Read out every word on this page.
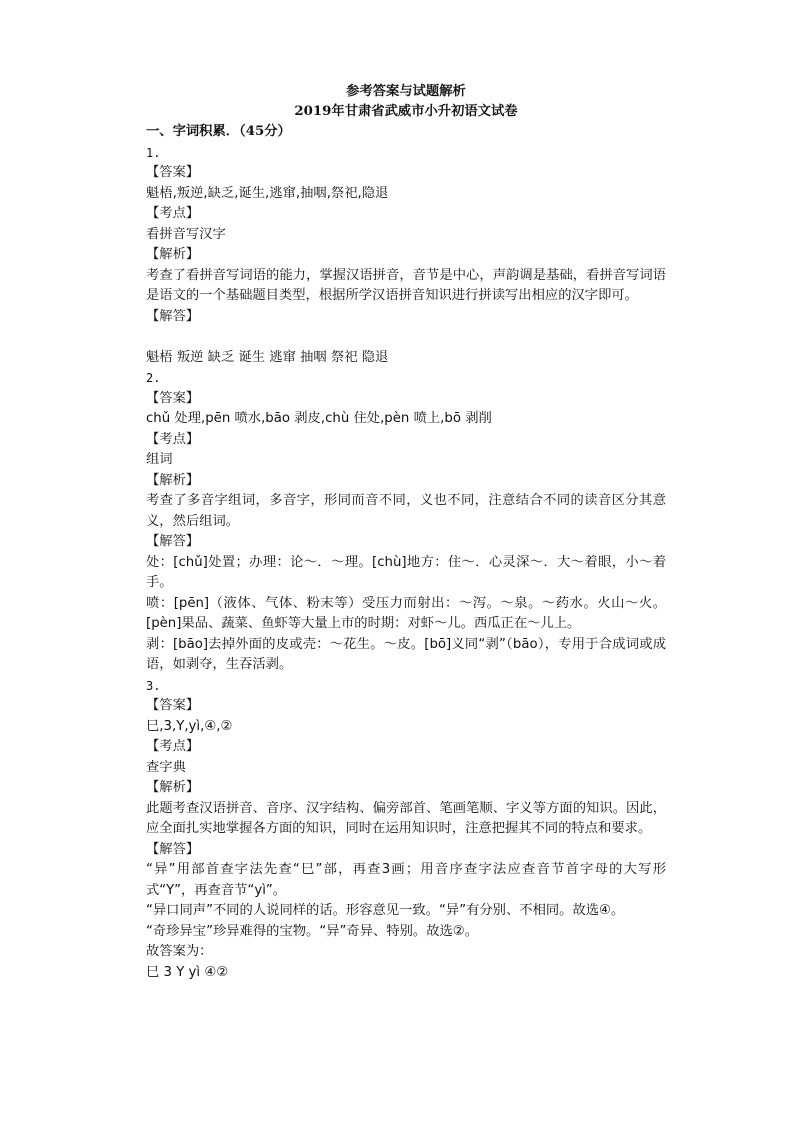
参考答案与试题解析
2019年甘肃省武威市小升初语文试卷
一、字词积累．（45分）
1.
【答案】
魁梧,叛逆,缺乏,诞生,逃窜,抽咽,祭祀,隐退
【考点】
看拼音写汉字
【解析】
考查了看拼音写词语的能力，掌握汉语拼音，音节是中心，声韵调是基础，看拼音写词语是语文的一个基础题目类型，根据所学汉语拼音知识进行拼读写出相应的汉字即可。
【解答】
魁梧 叛逆 缺乏 诞生 逃窜 抽咽 祭祀 隐退
2.
【答案】
chǔ 处理,pēn 喷水,bāo 剥皮,chù 住处,pèn 喷上,bō 剥削
【考点】
组词
【解析】
考查了多音字组词，多音字，形同而音不同，义也不同，注意结合不同的读音区分其意义，然后组词。
【解答】
处：[chǔ]处置；办理：论～．～理。[chù]地方：住～．心灵深～．大～着眼，小～着手。
喷：[pēn]（液体、气体、粉末等）受压力而射出：～泻。～泉。～药水。火山～火。[pèn]果品、蔬菜、鱼虾等大量上市的时期：对虾～儿。西瓜正在～儿上。
剥：[bāo]去掉外面的皮或壳：～花生。～皮。[bō]义同“剥”（bāo），专用于合成词或成语，如剥夺，生吞活剥。
3.
【答案】
巳,3,Y,yì,④,②
【考点】
查字典
【解析】
此题考查汉语拼音、音序、汉字结构、偏旁部首、笔画笔顺、字义等方面的知识。因此，应全面扎实地掌握各方面的知识，同时在运用知识时，注意把握其不同的特点和要求。
【解答】
“异”用部首查字法先查“巳”部，再查3画；用音序查字法应查音节首字母的大写形式“Y”，再查音节“yì”。
“异口同声”不同的人说同样的话。形容意见一致。“异”有分别、不相同。故选④。
“奇珍异宝”珍异难得的宝物。“异”奇异、特别。故选②。
故答案为：
巳 3 Y yì ④②
